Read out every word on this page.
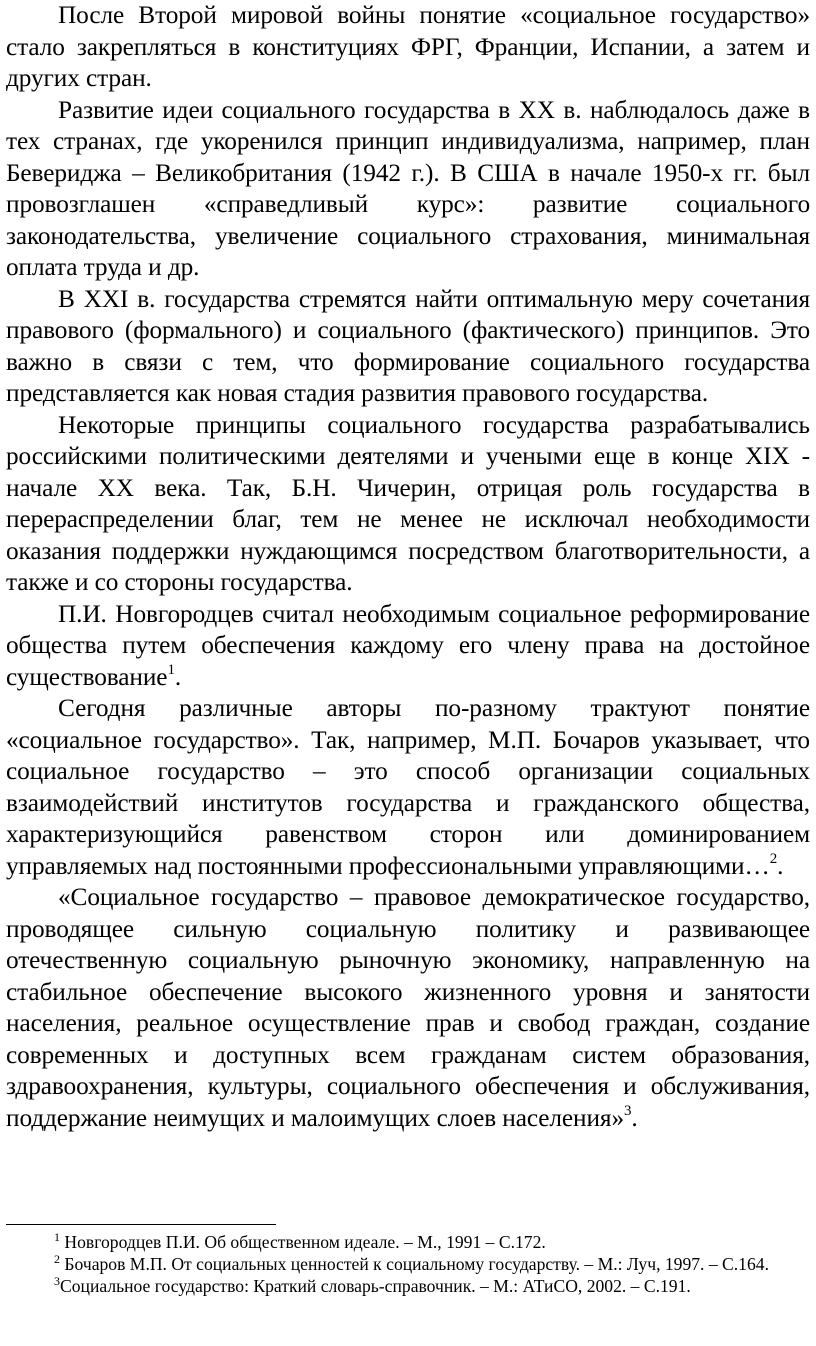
После Второй мировой войны понятие «социальное государство» стало закрепляться в конституциях ФРГ, Франции, Испании, а затем и других стран.

Развитие идеи социального государства в XX в. наблюдалось даже в тех странах, где укоренился принцип индивидуализма, например, план Бевериджа – Великобритания (1942 г.). В США в начале 1950-х гг. был провозглашен «справедливый курс»: развитие социального законодательства, увеличение социального страхования, минимальная оплата труда и др.

В XXI в. государства стремятся найти оптимальную меру сочетания правового (формального) и социального (фактического) принципов. Это важно в связи с тем, что формирование социального государства представляется как новая стадия развития правового государства.

Некоторые принципы социального государства разрабатывались российскими политическими деятелями и учеными еще в конце XIX - начале XX века. Так, Б.Н. Чичерин, отрицая роль государства в перераспределении благ, тем не менее не исключал необходимости оказания поддержки нуждающимся посредством благотворительности, а также и со стороны государства.

П.И. Новгородцев считал необходимым социальное реформирование общества путем обеспечения каждому его члену права на достойное существование$^1$.

Сегодня различные авторы по-разному трактуют понятие «социальное государство». Так, например, М.П. Бочаров указывает, что социальное государство – это способ организации социальных взаимодействий институтов государства и гражданского общества, характеризующийся равенством сторон или доминированием управляемых над постоянными профессиональными управляющими…$^2$.

«Социальное государство – правовое демократическое государство, проводящее сильную социальную политику и развивающее отечественную социальную рыночную экономику, направленную на стабильное обеспечение высокого жизненного уровня и занятости населения, реальное осуществление прав и свобод граждан, создание современных и доступных всем гражданам систем образования, здравоохранения, культуры, социального обеспечения и обслуживания, поддержание неимущих и малоимущих слоев населения»$^3$.

$^1$ Новгородцев П.И. Об общественном идеале. – М., 1991 – С.172.

$^2$ Бочаров М.П. От социальных ценностей к социальному государству. – М.: Луч, 1997. – С.164.

$^3$Социальное государство: Краткий словарь-справочник. – М.: АТиСО, 2002. – С.191.
